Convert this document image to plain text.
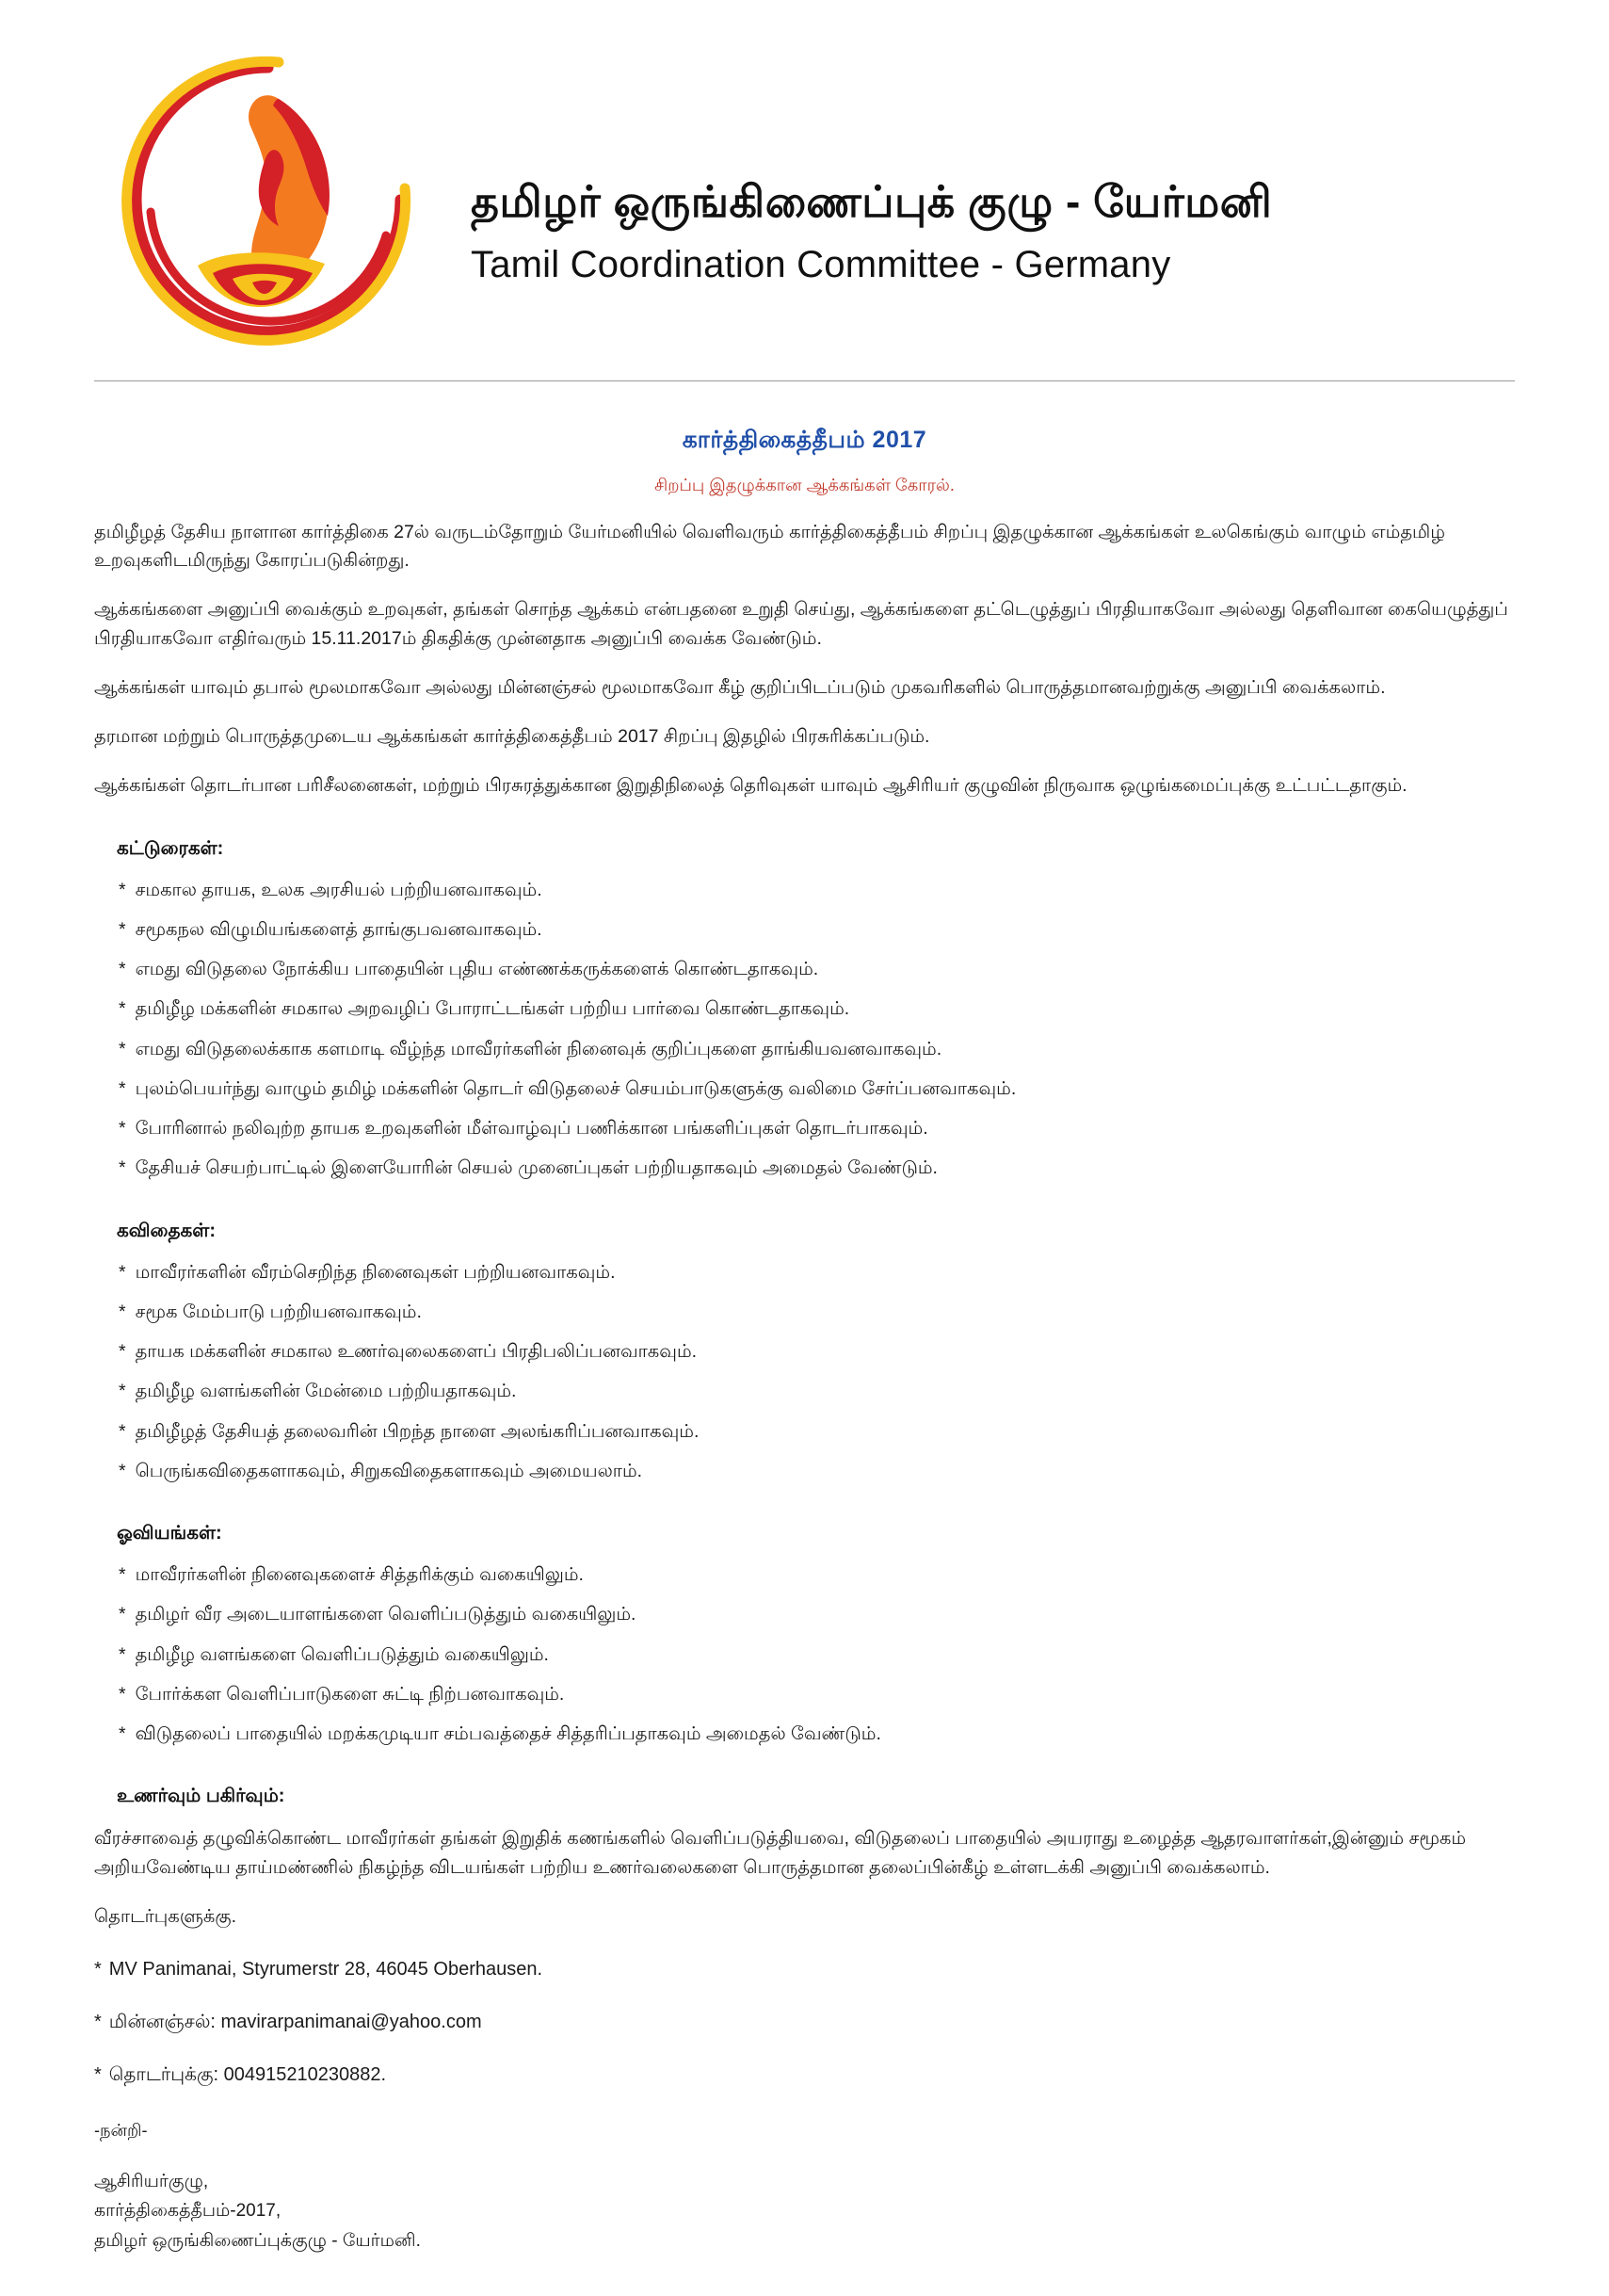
தமிழர் ஒருங்கிணைப்புக் குழு - யேர்மனி
Tamil Coordination Committee - Germany
கார்த்திகைத்தீபம் 2017
சிறப்பு இதழுக்கான ஆக்கங்கள் கோரல்.

தமிழீழத் தேசிய நாளான கார்த்திகை 27ல் வருடம்தோறும் யேர்மனியில் வெளிவரும் கார்த்திகைத்தீபம் சிறப்பு இதழுக்கான ஆக்கங்கள் உலகெங்கும் வாழும் எம்தமிழ் உறவுகளிடமிருந்து கோரப்படுகின்றது.

ஆக்கங்களை அனுப்பி வைக்கும் உறவுகள், தங்கள் சொந்த ஆக்கம் என்பதனை உறுதி செய்து, ஆக்கங்களை தட்டெழுத்துப் பிரதியாகவோ அல்லது தெளிவான கையெழுத்துப் பிரதியாகவோ எதிர்வரும் 15.11.2017ம் திகதிக்கு முன்னதாக அனுப்பி வைக்க வேண்டும்.

ஆக்கங்கள் யாவும் தபால் மூலமாகவோ அல்லது மின்னஞ்சல் மூலமாகவோ கீழ் குறிப்பிடப்படும் முகவரிகளில் பொருத்தமானவற்றுக்கு அனுப்பி வைக்கலாம்.

தரமான மற்றும் பொருத்தமுடைய ஆக்கங்கள் கார்த்திகைத்தீபம் 2017 சிறப்பு இதழில் பிரசுரிக்கப்படும்.

ஆக்கங்கள் தொடர்பான பரிசீலனைகள், மற்றும் பிரசுரத்துக்கான இறுதிநிலைத் தெரிவுகள் யாவும் ஆசிரியர் குழுவின் நிருவாக ஒழுங்கமைப்புக்கு உட்பட்டதாகும்.

கட்டுரைகள்:
* சமகால தாயக, உலக அரசியல் பற்றியனவாகவும்.
* சமூகநல விழுமியங்களைத் தாங்குபவனவாகவும்.
* எமது விடுதலை நோக்கிய பாதையின் புதிய எண்ணக்கருக்களைக் கொண்டதாகவும்.
* தமிழீழ மக்களின் சமகால அறவழிப் போராட்டங்கள் பற்றிய பார்வை கொண்டதாகவும்.
* எமது விடுதலைக்காக களமாடி வீழ்ந்த மாவீரர்களின் நினைவுக் குறிப்புகளை தாங்கியவனவாகவும்.
* புலம்பெயர்ந்து வாழும் தமிழ் மக்களின் தொடர் விடுதலைச் செயம்பாடுகளுக்கு வலிமை சேர்ப்பனவாகவும்.
* போரினால் நலிவுற்ற தாயக உறவுகளின் மீள்வாழ்வுப் பணிக்கான பங்களிப்புகள் தொடர்பாகவும்.
* தேசியச் செயற்பாட்டில் இளையோரின் செயல் முனைப்புகள் பற்றியதாகவும் அமைதல் வேண்டும்.
கவிதைகள்:
* மாவீரர்களின் வீரம்செறிந்த நினைவுகள் பற்றியனவாகவும்.
* சமூக மேம்பாடு பற்றியனவாகவும்.
* தாயக மக்களின் சமகால உணர்வுலைகளைப் பிரதிபலிப்பனவாகவும்.
* தமிழீழ வளங்களின் மேன்மை பற்றியதாகவும்.
* தமிழீழத் தேசியத் தலைவரின் பிறந்த நாளை அலங்கரிப்பனவாகவும்.
* பெருங்கவிதைகளாகவும், சிறுகவிதைகளாகவும் அமையலாம்.
ஓவியங்கள்:
* மாவீரர்களின் நினைவுகளைச் சித்தரிக்கும் வகையிலும்.
* தமிழர் வீர அடையாளங்களை வெளிப்படுத்தும் வகையிலும்.
* தமிழீழ வளங்களை வெளிப்படுத்தும் வகையிலும்.
* போர்க்கள வெளிப்பாடுகளை சுட்டி நிற்பனவாகவும்.
* விடுதலைப் பாதையில் மறக்கமுடியா சம்பவத்தைச் சித்தரிப்பதாகவும் அமைதல் வேண்டும்.
உணர்வும் பகிர்வும்:

வீரச்சாவைத் தழுவிக்கொண்ட மாவீரர்கள் தங்கள் இறுதிக் கணங்களில் வெளிப்படுத்தியவை, விடுதலைப் பாதையில் அயராது உழைத்த ஆதரவாளர்கள்,இன்னும் சமூகம் அறியவேண்டிய தாய்மண்ணில் நிகழ்ந்த விடயங்கள் பற்றிய உணர்வலைகளை பொருத்தமான தலைப்பின்கீழ் உள்ளடக்கி அனுப்பி வைக்கலாம்.

தொடர்புகளுக்கு.

* MV Panimanai, Styrumerstr 28, 46045 Oberhausen.
* மின்னஞ்சல்: mavirarpanimanai@yahoo.com
* தொடர்புக்கு: 004915210230882.
-நன்றி-
ஆசிரியர்குழு,
கார்த்திகைத்தீபம்-2017,
தமிழர் ஒருங்கிணைப்புக்குழு - யேர்மனி.
